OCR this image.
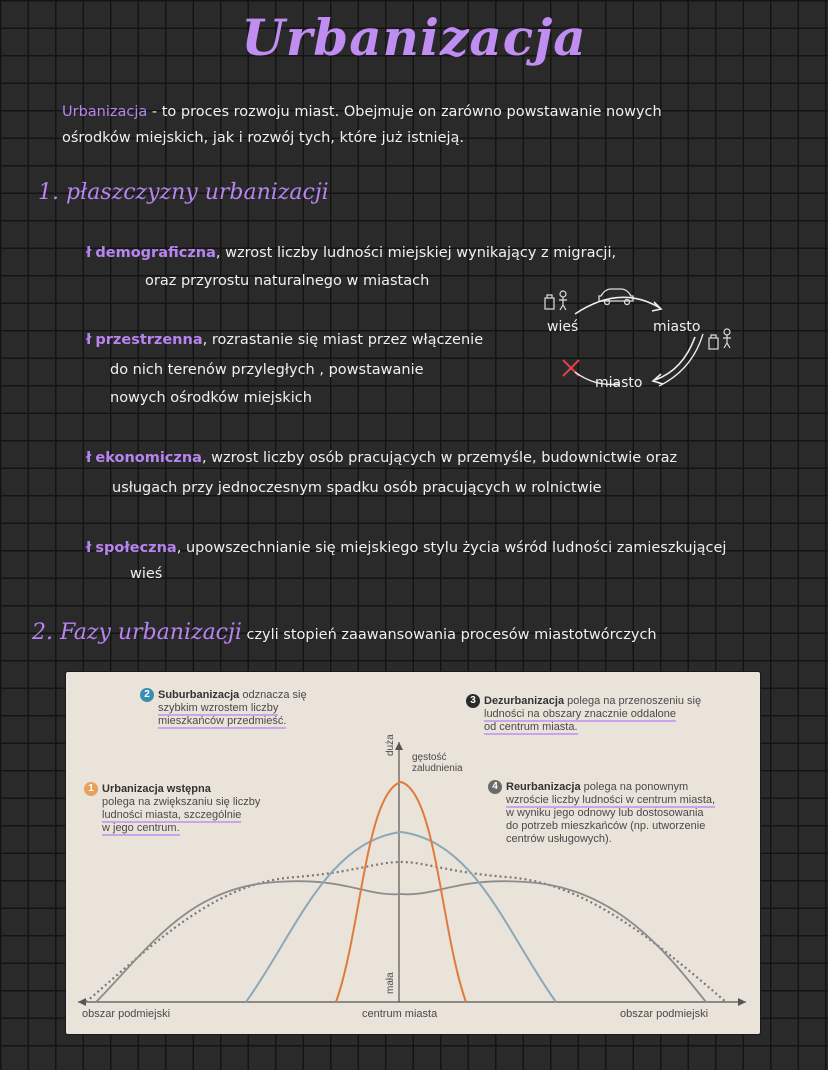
Urbanizacja
Urbanizacja - to proces rozwoju miast. Obejmuje on zarówno powstawanie nowych
ośrodków miejskich, jak i rozwój tych, które już istnieją.
1. płaszczyzny urbanizacji
ł demograficzna, wzrost liczby ludności miejskiej wynikający z migracji,
oraz przyrostu naturalnego w miastach
ł przestrzenna, rozrastanie się miast przez włączenie
do nich terenów przyległych , powstawanie
nowych ośrodków miejskich
wieś	miasto
miasto
ł ekonomiczna, wzrost liczby osób pracujących w przemyśle, budownictwie oraz
usługach przy jednoczesnym spadku osób pracujących w rolnictwie
ł społeczna, upowszechnianie się miejskiego stylu życia wśród ludności zamieszkującej
wieś
2. Fazy urbanizacji czyli stopień zaawansowania procesów miastotwórczych
2 Suburbanizacja odznacza się
szybkim wzrostem liczby
mieszkańców przedmieść.
3 Dezurbanizacja polega na przenoszeniu się
ludności na obszary znacznie oddalone
od centrum miasta.
1 Urbanizacja wstępna
polega na zwiększaniu się liczby
ludności miasta, szczególnie
w jego centrum.
4 Reurbanizacja polega na ponownym
wzroście liczby ludności w centrum miasta,
w wyniku jego odnowy lub dostosowania
do potrzeb mieszkańców (np. utworzenie
centrów usługowych).
duża
mała
gęstość
zaludnienia
obszar podmiejski	centrum miasta	obszar podmiejski
